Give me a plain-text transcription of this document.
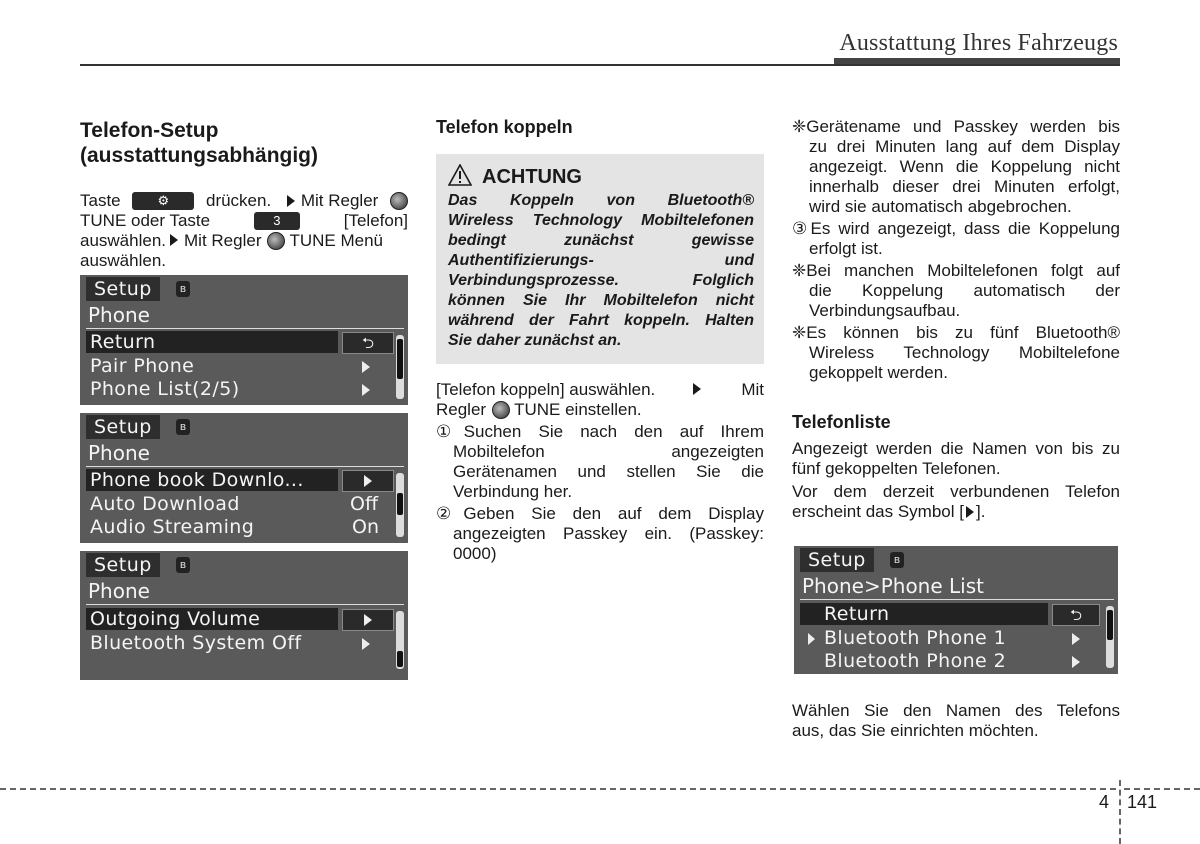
Ausstattung Ihres Fahrzeugs
Telefon-Setup
(ausstattungsabhängig)
Taste	⚙	drücken.	Mit Regler
TUNE oder Taste	3	[Telefon]
auswählen. Mit Regler TUNE Menü
auswählen.
Setup	ʙ
Phone
Return	⮌
Pair Phone
Phone List(2/5)
Setup	ʙ
Phone
Phone book Downlo...
Auto Download	Off
Audio Streaming	On
Setup	ʙ
Phone
Outgoing Volume
Bluetooth System Off
Telefon koppeln
ACHTUNG
Das Koppeln von Bluetooth®
Wireless Technology Mobiltelefonen
bedingt zunächst gewisse
Authentifizierungs- und
Verbindungsprozesse. Folglich
können Sie Ihr Mobiltelefon nicht
während der Fahrt koppeln. Halten
Sie daher zunächst an.
[Telefon koppeln] auswählen.	Mit
Regler TUNE einstellen.
①Suchen Sie nach den auf Ihrem
Mobiltelefon angezeigten
Gerätenamen und stellen Sie die
Verbindung her.
②Geben Sie den auf dem Display
angezeigten Passkey ein. (Passkey:
0000)
❈Gerätename und Passkey werden bis
zu drei Minuten lang auf dem Display
angezeigt. Wenn die Koppelung nicht
innerhalb dieser drei Minuten erfolgt,
wird sie automatisch abgebrochen.
③Es wird angezeigt, dass die Koppelung
erfolgt ist.
❈Bei manchen Mobiltelefonen folgt auf
die Koppelung automatisch der
Verbindungsaufbau.
❈Es können bis zu fünf Bluetooth®
Wireless Technology Mobiltelefone
gekoppelt werden.
Telefonliste
Angezeigt werden die Namen von bis zu
fünf gekoppelten Telefonen.
Vor dem derzeit verbundenen Telefon
erscheint das Symbol [ ].
Setup	ʙ
Phone>Phone List
Return	⮌
Bluetooth Phone 1
Bluetooth Phone 2
Wählen Sie den Namen des Telefons
aus, das Sie einrichten möchten.
4 141
